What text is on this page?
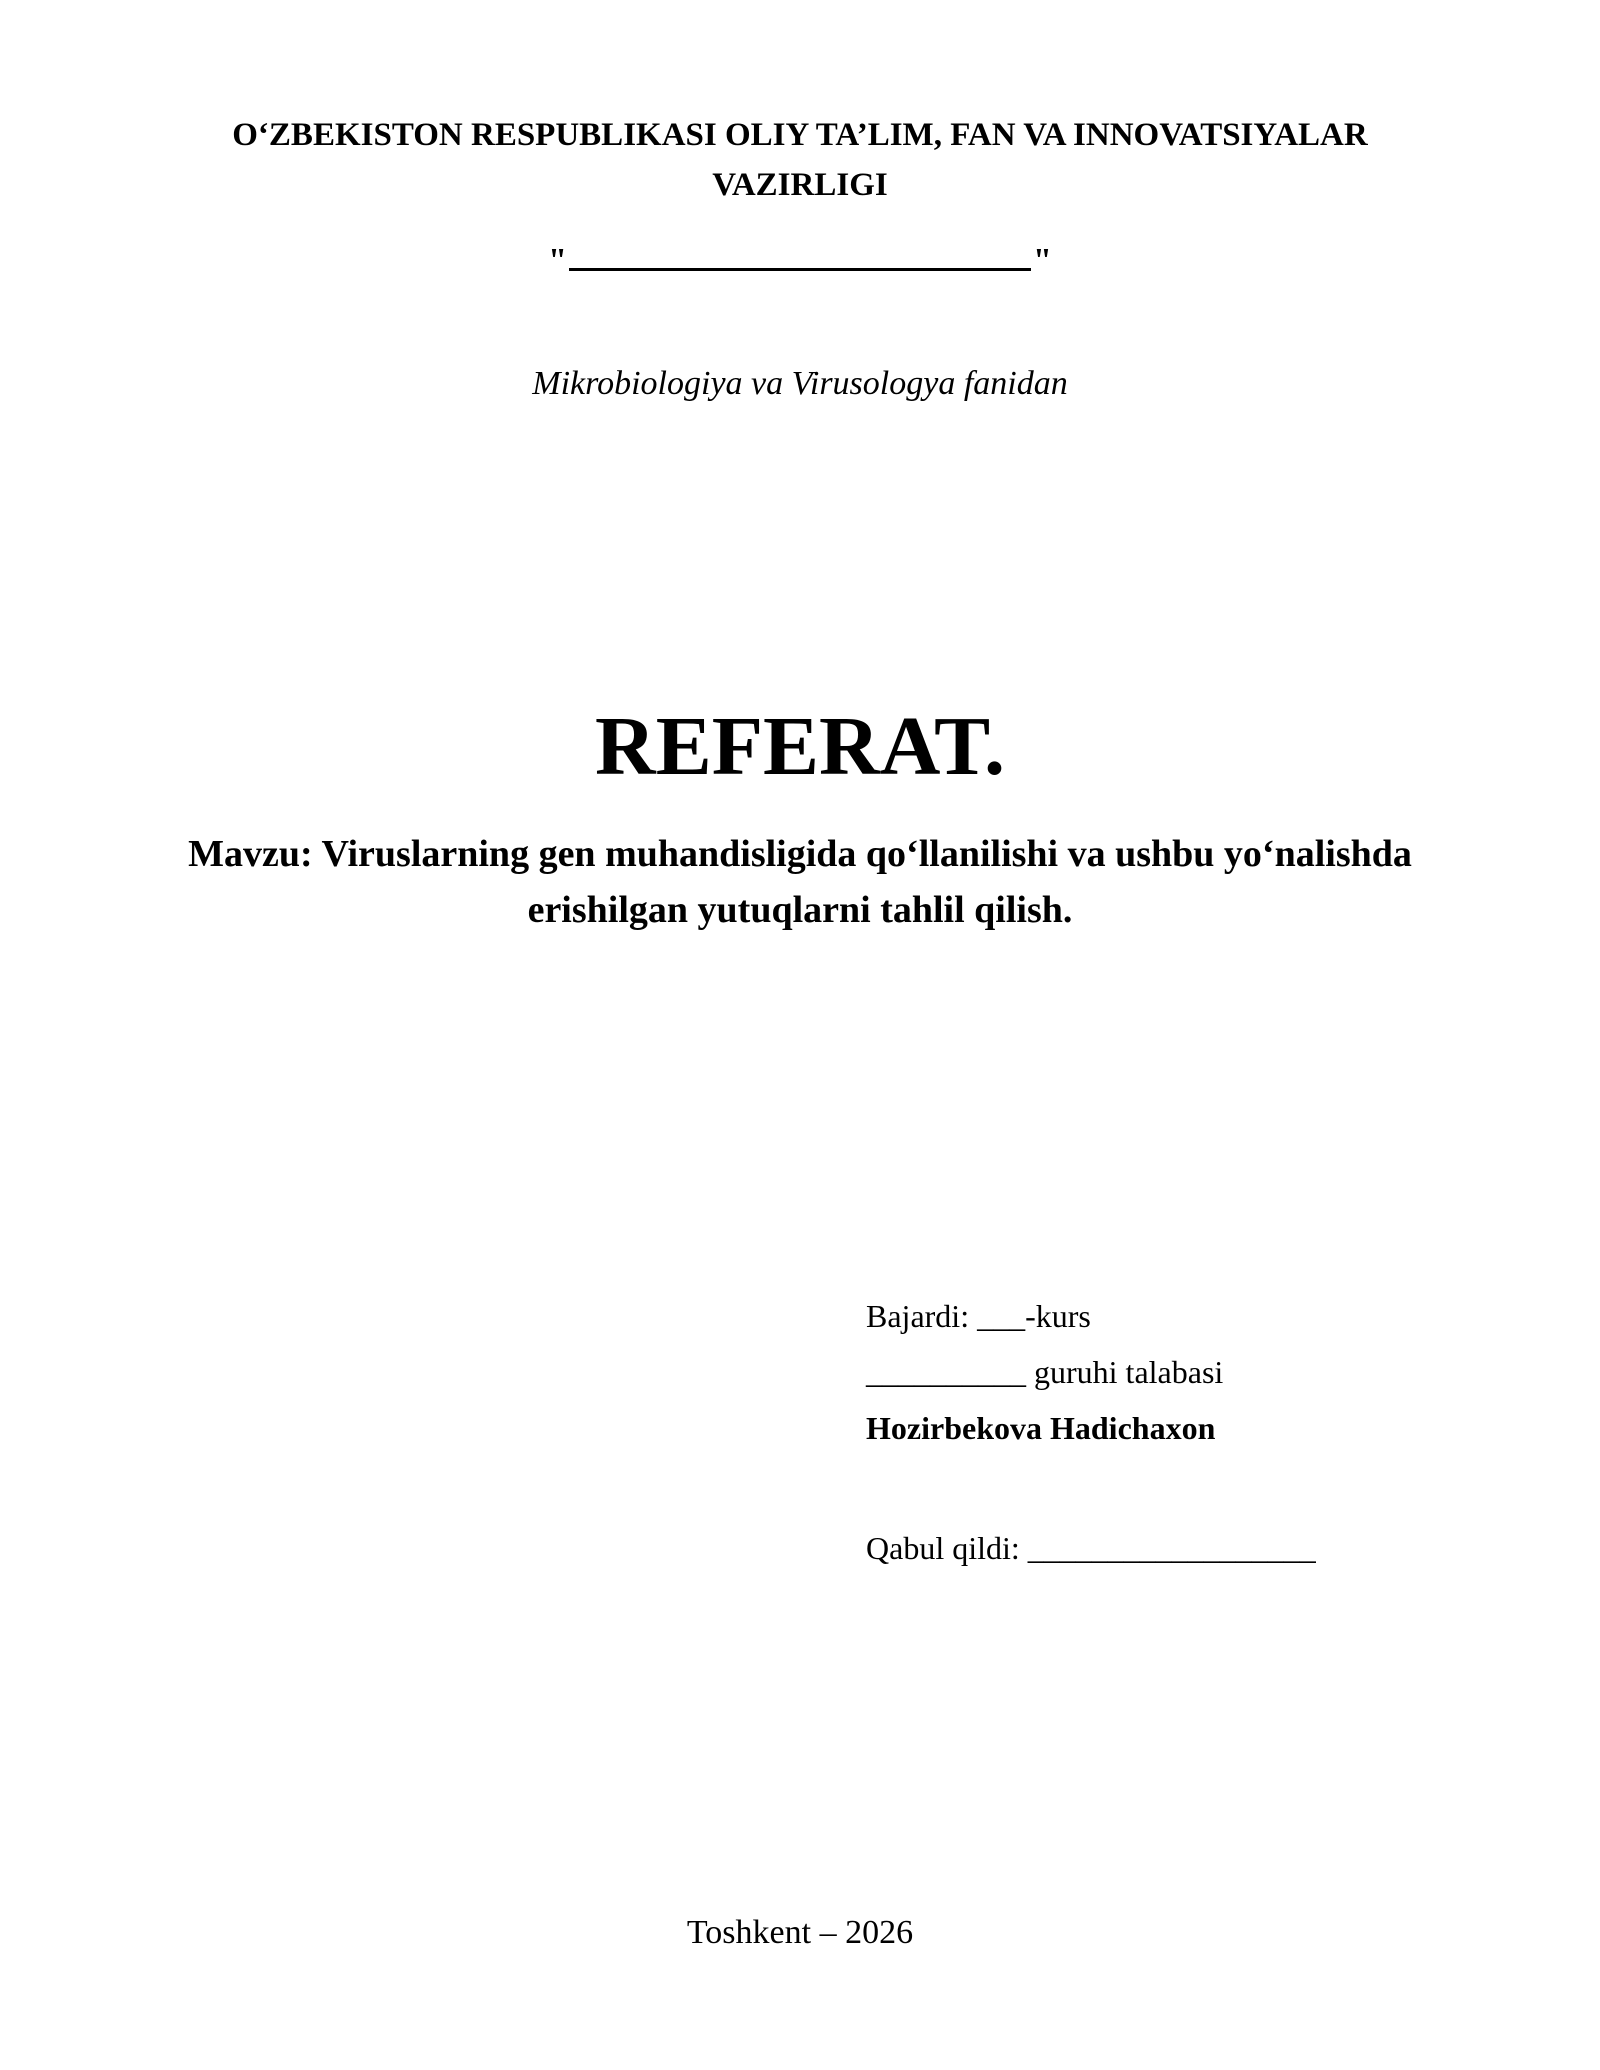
O‘ZBEKISTON RESPUBLIKASI OLIY TA’LIM, FAN VA INNOVATSIYALAR
VAZIRLIGI
"	"
Mikrobiologiya va Virusologya fanidan
REFERAT.
Mavzu: Viruslarning gen muhandisligida qo‘llanilishi va ushbu yo‘nalishda
erishilgan yutuqlarni tahlil qilish.
Bajardi: ___-kurs
__________ guruhi talabasi
Hozirbekova Hadichaxon
Qabul qildi: __________________
Toshkent – 2026
